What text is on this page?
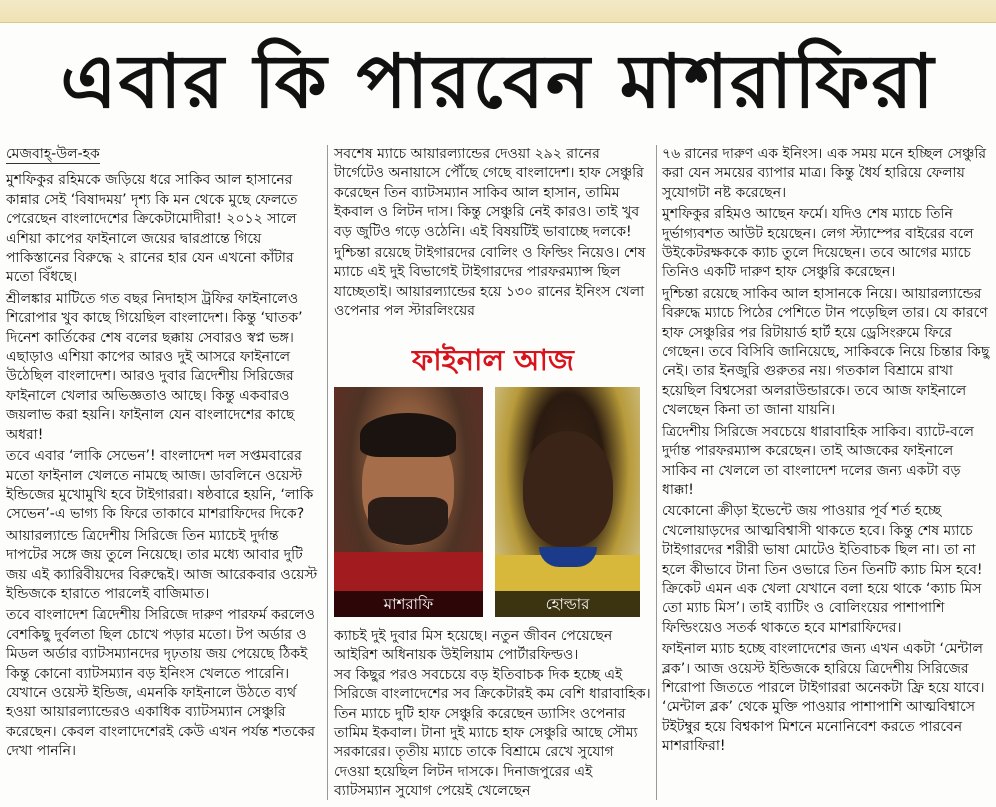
এবার কি পারবেন মাশরাফিরা

মেজবাহ্‌-উল-হক

মুশফিকুর রহিমকে জড়িয়ে ধরে সাকিব আল হাসানের কান্নার সেই ‘বিষাদময়’ দৃশ্য কি মন থেকে মুছে ফেলতে পেরেছেন বাংলাদেশের ক্রিকেটামোদীরা! ২০১২ সালে এশিয়া কাপের ফাইনালে জয়ের দ্বারপ্রান্তে গিয়ে পাকিস্তানের বিরুদ্ধে ২ রানের হার যেন এখনো কাঁটার মতো বিঁধছে।

শ্রীলঙ্কার মাটিতে গত বছর নিদাহাস ট্রফির ফাইনালেও শিরোপার খুব কাছে গিয়েছিল বাংলাদেশ। কিন্তু ‘ঘাতক’ দিনেশ কার্তিকের শেষ বলের ছক্কায় সেবারও স্বপ্ন ভঙ্গ। এছাড়াও এশিয়া কাপের আরও দুই আসরে ফাইনালে উঠেছিল বাংলাদেশ। আরও দুবার ত্রিদেশীয় সিরিজের ফাইনালে খেলার অভিজ্ঞতাও আছে। কিন্তু একবারও জয়লাভ করা হয়নি। ফাইনাল যেন বাংলাদেশের কাছে অধরা!

তবে এবার ‘লাকি সেভেন’! বাংলাদেশ দল সপ্তমবারের মতো ফাইনাল খেলতে নামছে আজ। ডাবলিনে ওয়েস্ট ইন্ডিজের মুখোমুখি হবে টাইগাররা। ষষ্ঠবারে হয়নি, ‘লাকি সেভেন’-এ ভাগ্য কি ফিরে তাকাবে মাশরাফিদের দিকে?

আয়ারল্যান্ডে ত্রিদেশীয় সিরিজে তিন ম্যাচেই দুর্দান্ত দাপটের সঙ্গে জয় তুলে নিয়েছে। তার মধ্যে আবার দুটি জয় এই ক্যারিবীয়দের বিরুদ্ধেই। আজ আরেকবার ওয়েস্ট ইন্ডিজকে হারাতে পারলেই বাজিমাত।

তবে বাংলাদেশ ত্রিদেশীয় সিরিজে দারুণ পারফর্ম করলেও বেশকিছু দুর্বলতা ছিল চোখে পড়ার মতো। টপ অর্ডার ও মিডল অর্ডার ব্যাটসম্যানদের দৃঢ়তায় জয় পেয়েছে ঠিকই কিন্তু কোনো ব্যাটসম্যান বড় ইনিংস খেলতে পারেনি। যেখানে ওয়েস্ট ইন্ডিজ, এমনকি ফাইনালে উঠতে ব্যর্থ হওয়া আয়ারল্যান্ডেরও একাধিক ব্যাটসম্যান সেঞ্চুরি করেছেন। কেবল বাংলাদেশেরই কেউ এখন পর্যন্ত শতকের দেখা পাননি।

সবশেষ ম্যাচে আয়ারল্যান্ডের দেওয়া ২৯২ রানের টার্গেটেও অনায়াসে পৌঁছে গেছে বাংলাদেশ। হাফ সেঞ্চুরি করেছেন তিন ব্যাটসম্যান সাকিব আল হাসান, তামিম ইকবাল ও লিটন দাস। কিন্তু সেঞ্চুরি নেই কারও। তাই খুব বড় জুটিও গড়ে ওঠেনি। এই বিষয়টিই ভাবাচ্ছে দলকে!

দুশ্চিন্তা রয়েছে টাইগারদের বোলিং ও ফিল্ডিং নিয়েও। শেষ ম্যাচে এই দুই বিভাগেই টাইগারদের পারফরম্যান্স ছিল যাচ্ছেতাই। আয়ারল্যান্ডের হয়ে ১৩০ রানের ইনিংস খেলা ওপেনার পল স্টারলিংয়ের

ফাইনাল আজ
মাশরাফি	হোল্ডার

ক্যাচই দুই দুবার মিস হয়েছে। নতুন জীবন পেয়েছেন আইরিশ অধিনায়ক উইলিয়াম পোর্টারফিল্ডও।

সব কিছুর পরও সবচেয়ে বড় ইতিবাচক দিক হচ্ছে এই সিরিজে বাংলাদেশের সব ক্রিকেটারই কম বেশি ধারাবাহিক। তিন ম্যাচে দুটি হাফ সেঞ্চুরি করেছেন ড্যাসিং ওপেনার তামিম ইকবাল। টানা দুই ম্যাচে হাফ সেঞ্চুরি আছে সৌম্য সরকারের। তৃতীয় ম্যাচে তাকে বিশ্রামে রেখে সুযোগ দেওয়া হয়েছিল লিটন দাসকে। দিনাজপুরের এই ব্যাটসম্যান সুযোগ পেয়েই খেলেছেন

৭৬ রানের দারুণ এক ইনিংস। এক সময় মনে হচ্ছিল সেঞ্চুরি করা যেন সময়ের ব্যাপার মাত্র। কিন্তু ধৈর্য হারিয়ে ফেলায় সুযোগটা নষ্ট করেছেন।

মুশফিকুর রহিমও আছেন ফর্মে। যদিও শেষ ম্যাচে তিনি দুর্ভাগ্যবশত আউট হয়েছেন। লেগ স্ট্যাম্পের বাইরের বলে উইকেটরক্ষককে ক্যাচ তুলে দিয়েছেন। তবে আগের ম্যাচে তিনিও একটি দারুণ হাফ সেঞ্চুরি করেছেন।

দুশ্চিন্তা রয়েছে সাকিব আল হাসানকে নিয়ে। আয়ারল্যান্ডের বিরুদ্ধে ম্যাচে পিঠের পেশিতে টান পড়েছিল তার। যে কারণে হাফ সেঞ্চুরির পর রিটায়ার্ড হার্ট হয়ে ড্রেসিংরুমে ফিরে গেছেন। তবে বিসিবি জানিয়েছে, সাকিবকে নিয়ে চিন্তার কিছু নেই। তার ইনজুরি গুরুতর নয়। গতকাল বিশ্রামে রাখা হয়েছিল বিশ্বসেরা অলরাউন্ডারকে। তবে আজ ফাইনালে খেলছেন কিনা তা জানা যায়নি।

ত্রিদেশীয় সিরিজে সবচেয়ে ধারাবাহিক সাকিব। ব্যাটে-বলে দুর্দান্ত পারফরম্যান্স করেছেন। তাই আজকের ফাইনালে সাকিব না খেললে তা বাংলাদেশ দলের জন্য একটা বড় ধাক্কা!

যেকোনো ক্রীড়া ইভেন্টে জয় পাওয়ার পূর্ব শর্ত হচ্ছে খেলোয়াড়দের আত্মবিশ্বাসী থাকতে হবে। কিন্তু শেষ ম্যাচে টাইগারদের শরীরী ভাষা মোটেও ইতিবাচক ছিল না। তা না হলে কীভাবে টানা তিন ওভারে তিন তিনটি ক্যাচ মিস হবে! ক্রিকেট এমন এক খেলা যেখানে বলা হয়ে থাকে ‘ক্যাচ মিস তো ম্যাচ মিস’। তাই ব্যাটিং ও বোলিংয়ের পাশাপাশি ফিল্ডিংয়েও সতর্ক থাকতে হবে মাশরাফিদের।

ফাইনাল ম্যাচ হচ্ছে বাংলাদেশের জন্য এখন একটা ‘মেন্টাল ব্লক’। আজ ওয়েস্ট ইন্ডিজকে হারিয়ে ত্রিদেশীয় সিরিজের শিরোপা জিততে পারলে টাইগাররা অনেকটা ফ্রি হয়ে যাবে। ‘মেন্টাল ব্লক’ থেকে মুক্তি পাওয়ার পাশাপাশি আত্মবিশ্বাসে টইটম্বুর হয়ে বিশ্বকাপ মিশনে মনোনিবেশ করতে পারবেন মাশরাফিরা!
